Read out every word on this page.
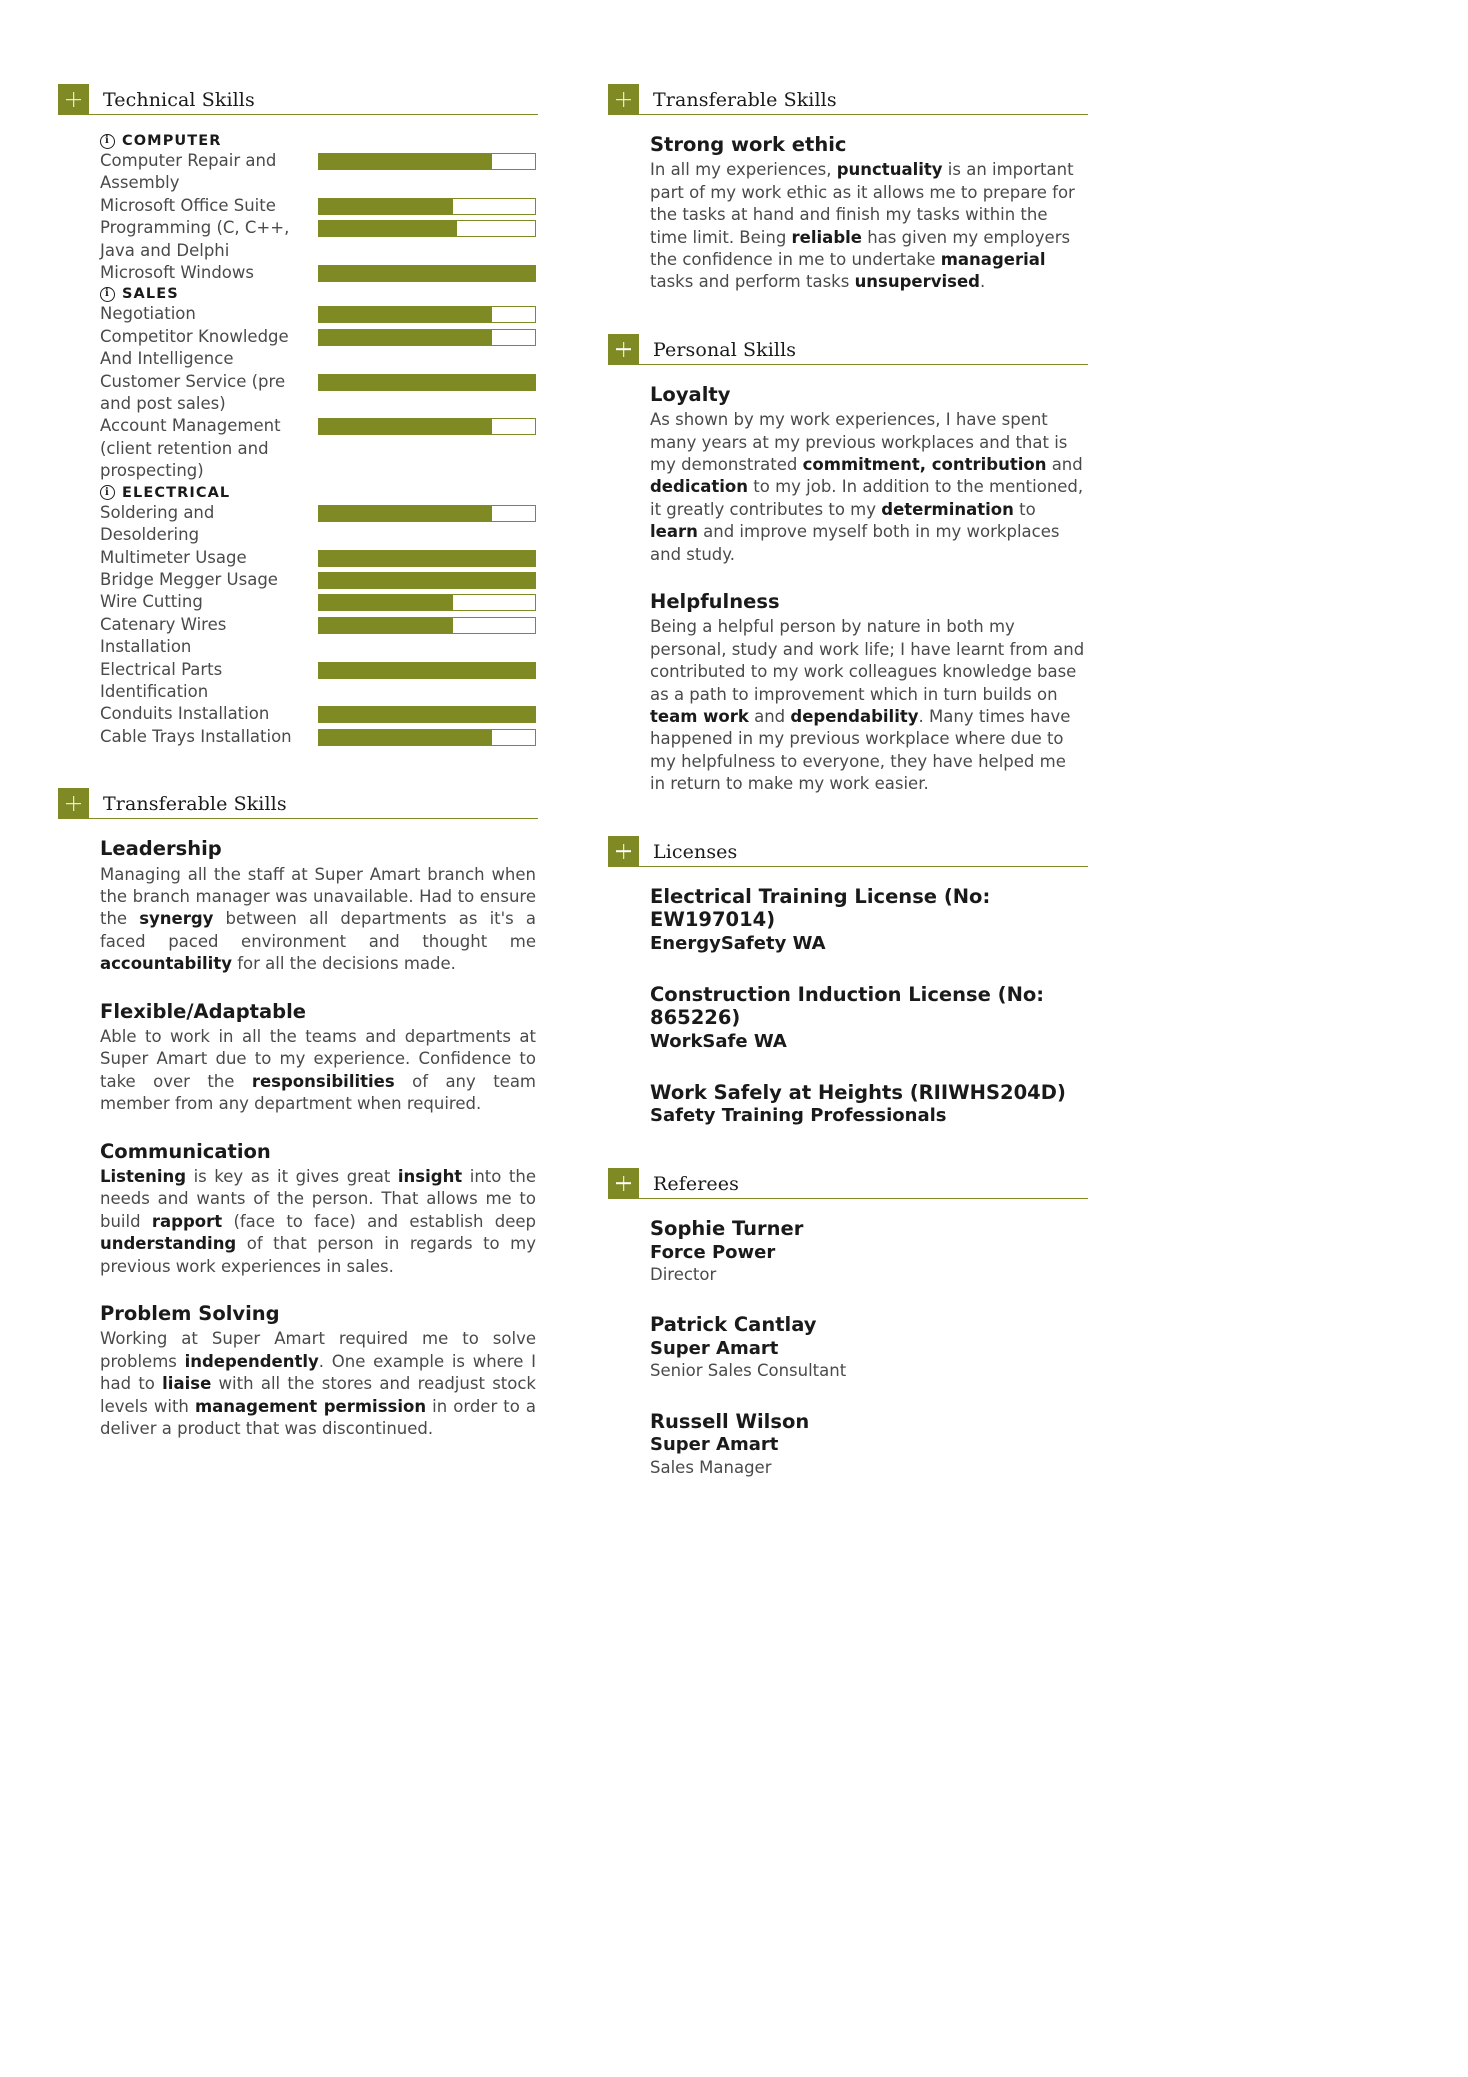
Technical Skills
i
COMPUTER
Computer Repair and Assembly
Microsoft Office Suite
Programming (C, C++, Java and Delphi
Microsoft Windows
i
SALES
Negotiation
Competitor Knowledge And Intelligence
Customer Service (pre and post sales)
Account Management (client retention and prospecting)
i
ELECTRICAL
Soldering and Desoldering
Multimeter Usage
Bridge Megger Usage
Wire Cutting
Catenary Wires Installation
Electrical Parts Identification
Conduits Installation
Cable Trays Installation
Transferable Skills
Leadership
Managing all the staff at Super Amart branch when the branch manager was unavailable. Had to ensure the synergy between all departments as it's a faced paced environment and thought me accountability for all the decisions made.
Flexible/Adaptable
Able to work in all the teams and departments at Super Amart due to my experience. Confidence to take over the responsibilities of any team member from any department when required.
Communication
Listening is key as it gives great insight into the needs and wants of the person. That allows me to build rapport (face to face) and establish deep understanding of that person in regards to my previous work experiences in sales.
Problem Solving
Working at Super Amart required me to solve problems independently. One example is where I had to liaise with all the stores and readjust stock levels with management permission in order to a deliver a product that was discontinued.
Transferable Skills
Strong work ethic
In all my experiences, punctuality is an important part of my work ethic as it allows me to prepare for the tasks at hand and finish my tasks within the time limit. Being reliable has given my employers the confidence in me to undertake managerial tasks and perform tasks unsupervised.
Personal Skills
Loyalty
As shown by my work experiences, I have spent many years at my previous workplaces and that is my demonstrated commitment, contribution and dedication to my job. In addition to the mentioned, it greatly contributes to my determination to learn and improve myself both in my workplaces and study.
Helpfulness
Being a helpful person by nature in both my personal, study and work life; I have learnt from and contributed to my work colleagues knowledge base as a path to improvement which in turn builds on team work and dependability. Many times have happened in my previous workplace where due to my helpfulness to everyone, they have helped me in return to make my work easier.
Licenses
Electrical Training License (No: EW197014)
EnergySafety WA
Construction Induction License (No: 865226)
WorkSafe WA
Work Safely at Heights (RIIWHS204D)
Safety Training Professionals
Referees
Sophie Turner
Force Power
Director
Patrick Cantlay
Super Amart
Senior Sales Consultant
Russell Wilson
Super Amart
Sales Manager
